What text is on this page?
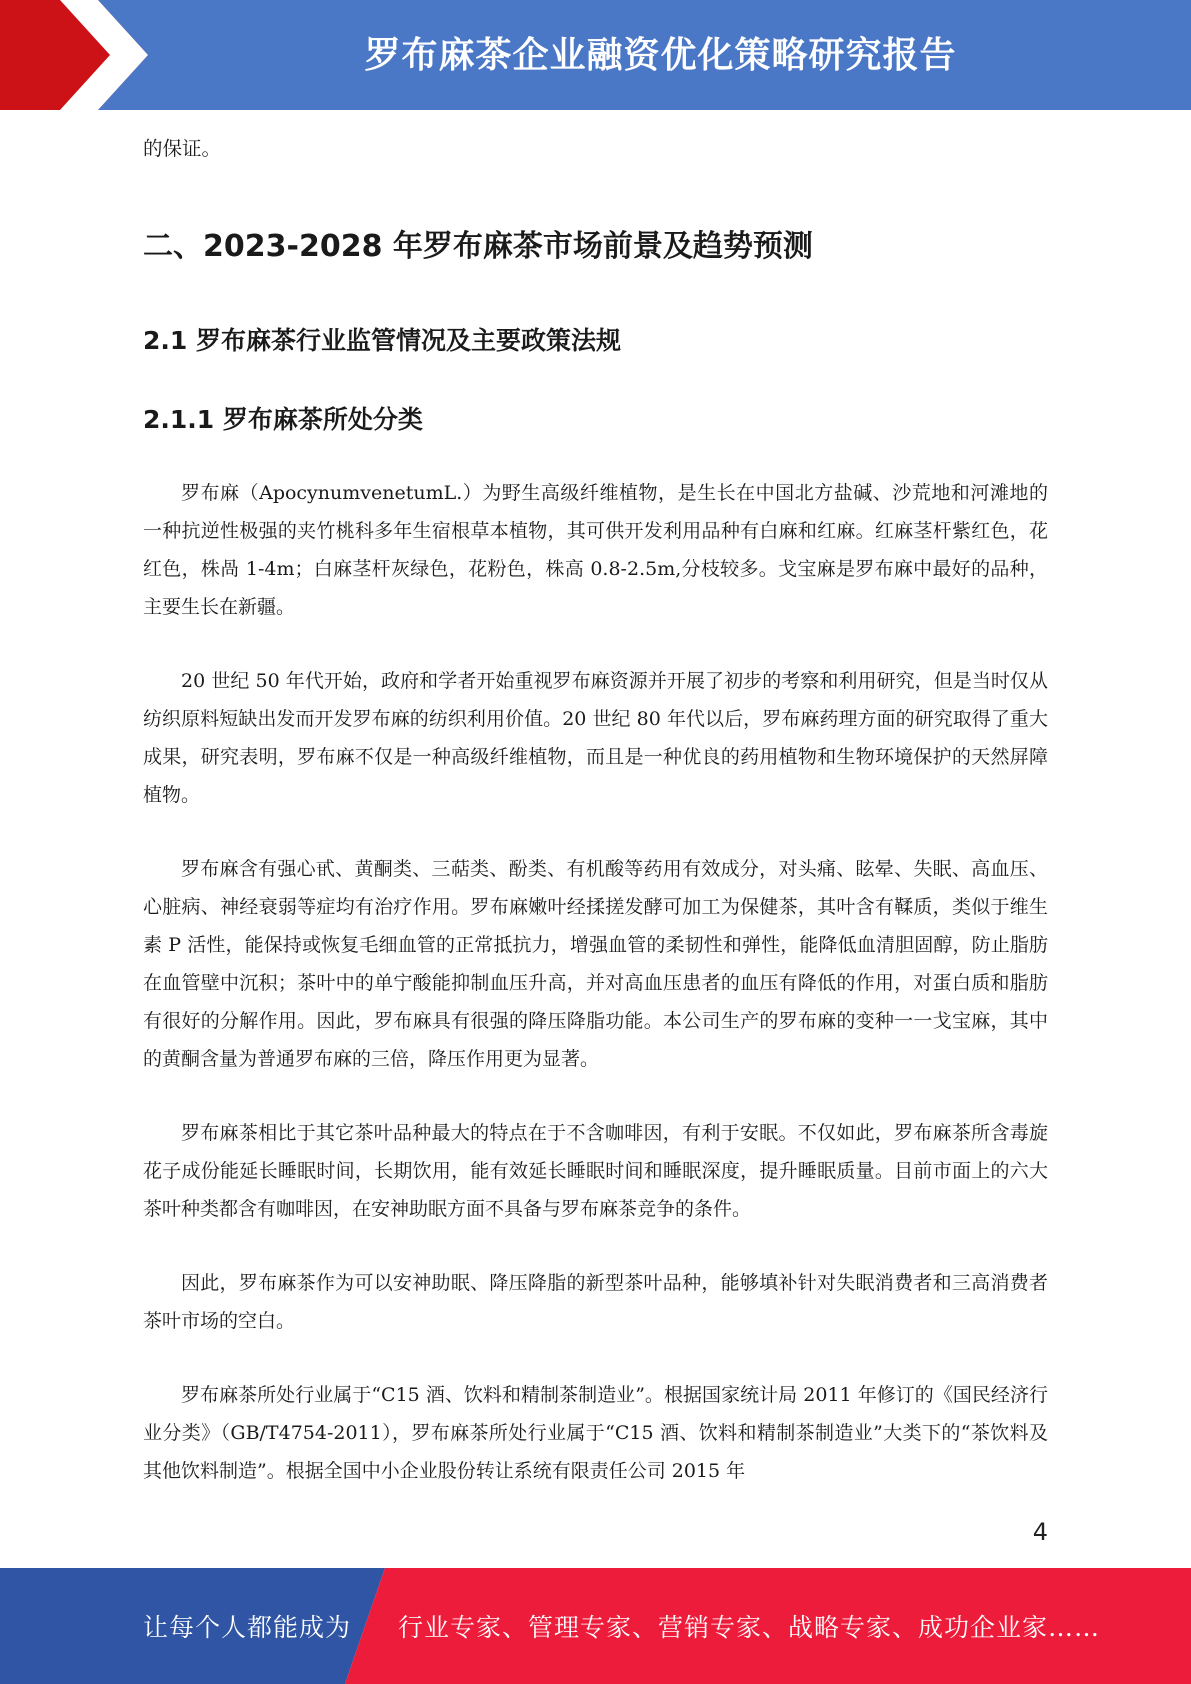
罗布麻茶企业融资优化策略研究报告

的保证。

二、2023-2028 年罗布麻茶市场前景及趋势预测
2.1 罗布麻茶行业监管情况及主要政策法规
2.1.1 罗布麻茶所处分类

罗布麻（ApocynumvenetumL.）为野生高级纤维植物，是生长在中国北方盐碱、沙荒地和河滩地的一种抗逆性极强的夹竹桃科多年生宿根草本植物，其可供开发利用品种有白麻和红麻。红麻茎杆紫红色，花红色，株咼 1-4m；白麻茎杆灰绿色，花粉色，株高 0.8-2.5m,分枝较多。戈宝麻是罗布麻中最好的品种，主要生长在新疆。

20 世纪 50 年代开始，政府和学者开始重视罗布麻资源并开展了初步的考察和利用研究，但是当时仅从纺织原料短缺出发而开发罗布麻的纺织利用价值。20 世纪 80 年代以后，罗布麻药理方面的研究取得了重大成果，研究表明，罗布麻不仅是一种高级纤维植物，而且是一种优良的药用植物和生物环境保护的天然屏障植物。

罗布麻含有强心甙、黄酮类、三萜类、酚类、有机酸等药用有效成分，对头痛、眩晕、失眠、高血压、心脏病、神经衰弱等症均有治疗作用。罗布麻嫩叶经揉搓发酵可加工为保健茶，其叶含有鞣质，类似于维生素 P 活性，能保持或恢复毛细血管的正常抵抗力，增强血管的柔韧性和弹性，能降低血清胆固醇，防止脂肪在血管壁中沉积；茶叶中的单宁酸能抑制血压升高，并对高血压患者的血压有降低的作用，对蛋白质和脂肪有很好的分解作用。因此，罗布麻具有很强的降压降脂功能。本公司生产的罗布麻的变种一一戈宝麻，其中的黄酮含量为普通罗布麻的三倍，降压作用更为显著。

罗布麻茶相比于其它茶叶品种最大的特点在于不含咖啡因，有利于安眠。不仅如此，罗布麻茶所含毒旋花子成份能延长睡眠时间，长期饮用，能有效延长睡眠时间和睡眠深度，提升睡眠质量。目前市面上的六大茶叶种类都含有咖啡因，在安神助眠方面不具备与罗布麻茶竞争的条件。

因此，罗布麻茶作为可以安神助眠、降压降脂的新型茶叶品种，能够填补针对失眠消费者和三高消费者茶叶市场的空白。

罗布麻茶所处行业属于“C15 酒、饮料和精制茶制造业”。根据国家统计局 2011 年修订的《国民经济行业分类》（GB/T4754-2011），罗布麻茶所处行业属于“C15 酒、饮料和精制茶制造业”大类下的“茶饮料及其他饮料制造”。根据全国中小企业股份转让系统有限责任公司 2015 年

4
让每个人都能成为 行业专家、管理专家、营销专家、战略专家、成功企业家……
